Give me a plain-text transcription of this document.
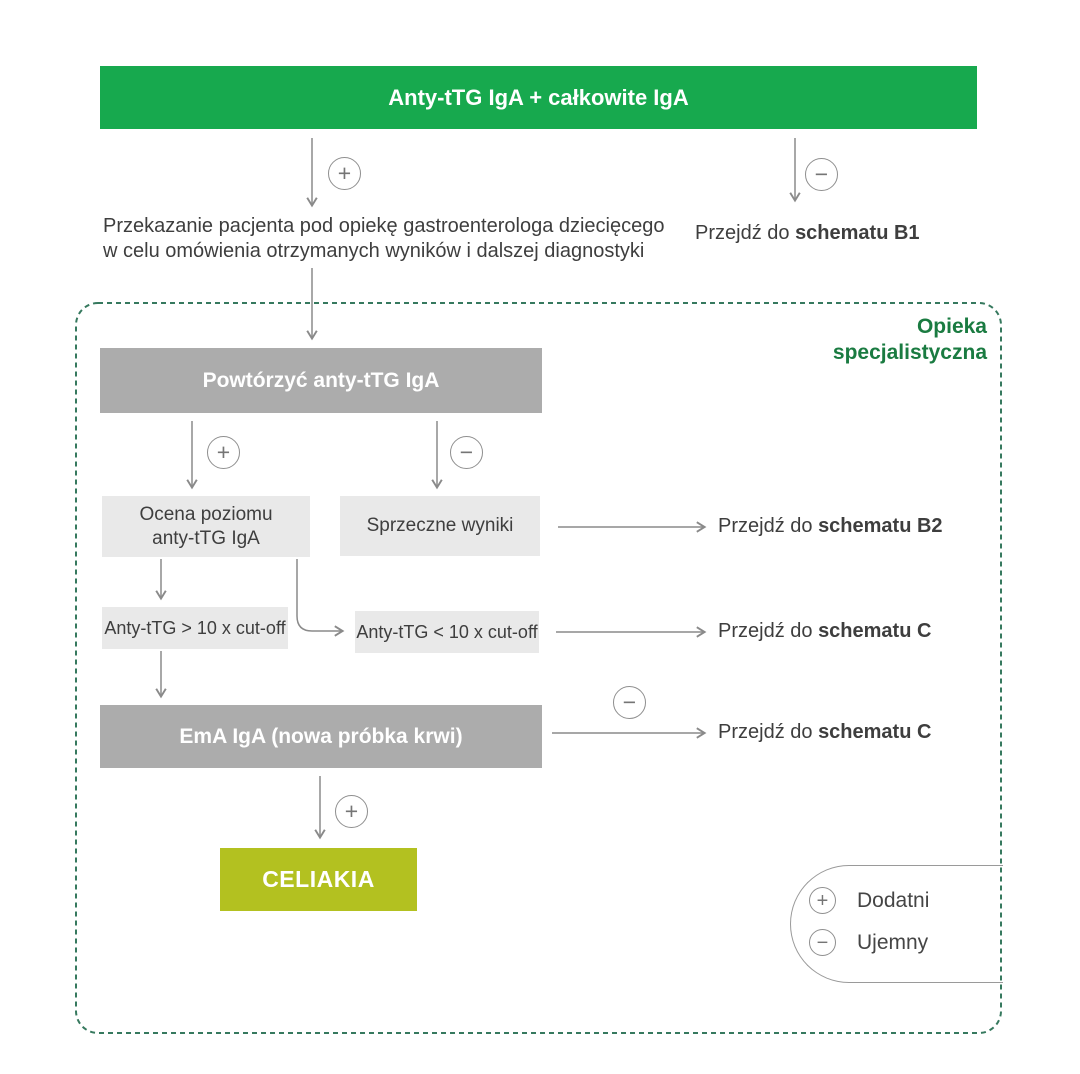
Anty-tTG IgA + całkowite IgA
+	−
Przekazanie pacjenta pod opiekę gastroenterologa dziecięcego
w celu omówienia otrzymanych wyników i dalszej diagnostyki
Przejdź do schematu B1
Opieka
specjalistyczna
Powtórzyć anty-tTG IgA
+	−
Ocena poziomu
anty-tTG IgA
Sprzeczne wyniki	Przejdź do schematu B2
Anty-tTG > 10 x cut-off	Anty-tTG < 10 x cut-off	Przejdź do schematu C
EmA IgA (nowa próbka krwi)
−
Przejdź do schematu C
+
CELIAKIA
+	Dodatni
−	Ujemny
